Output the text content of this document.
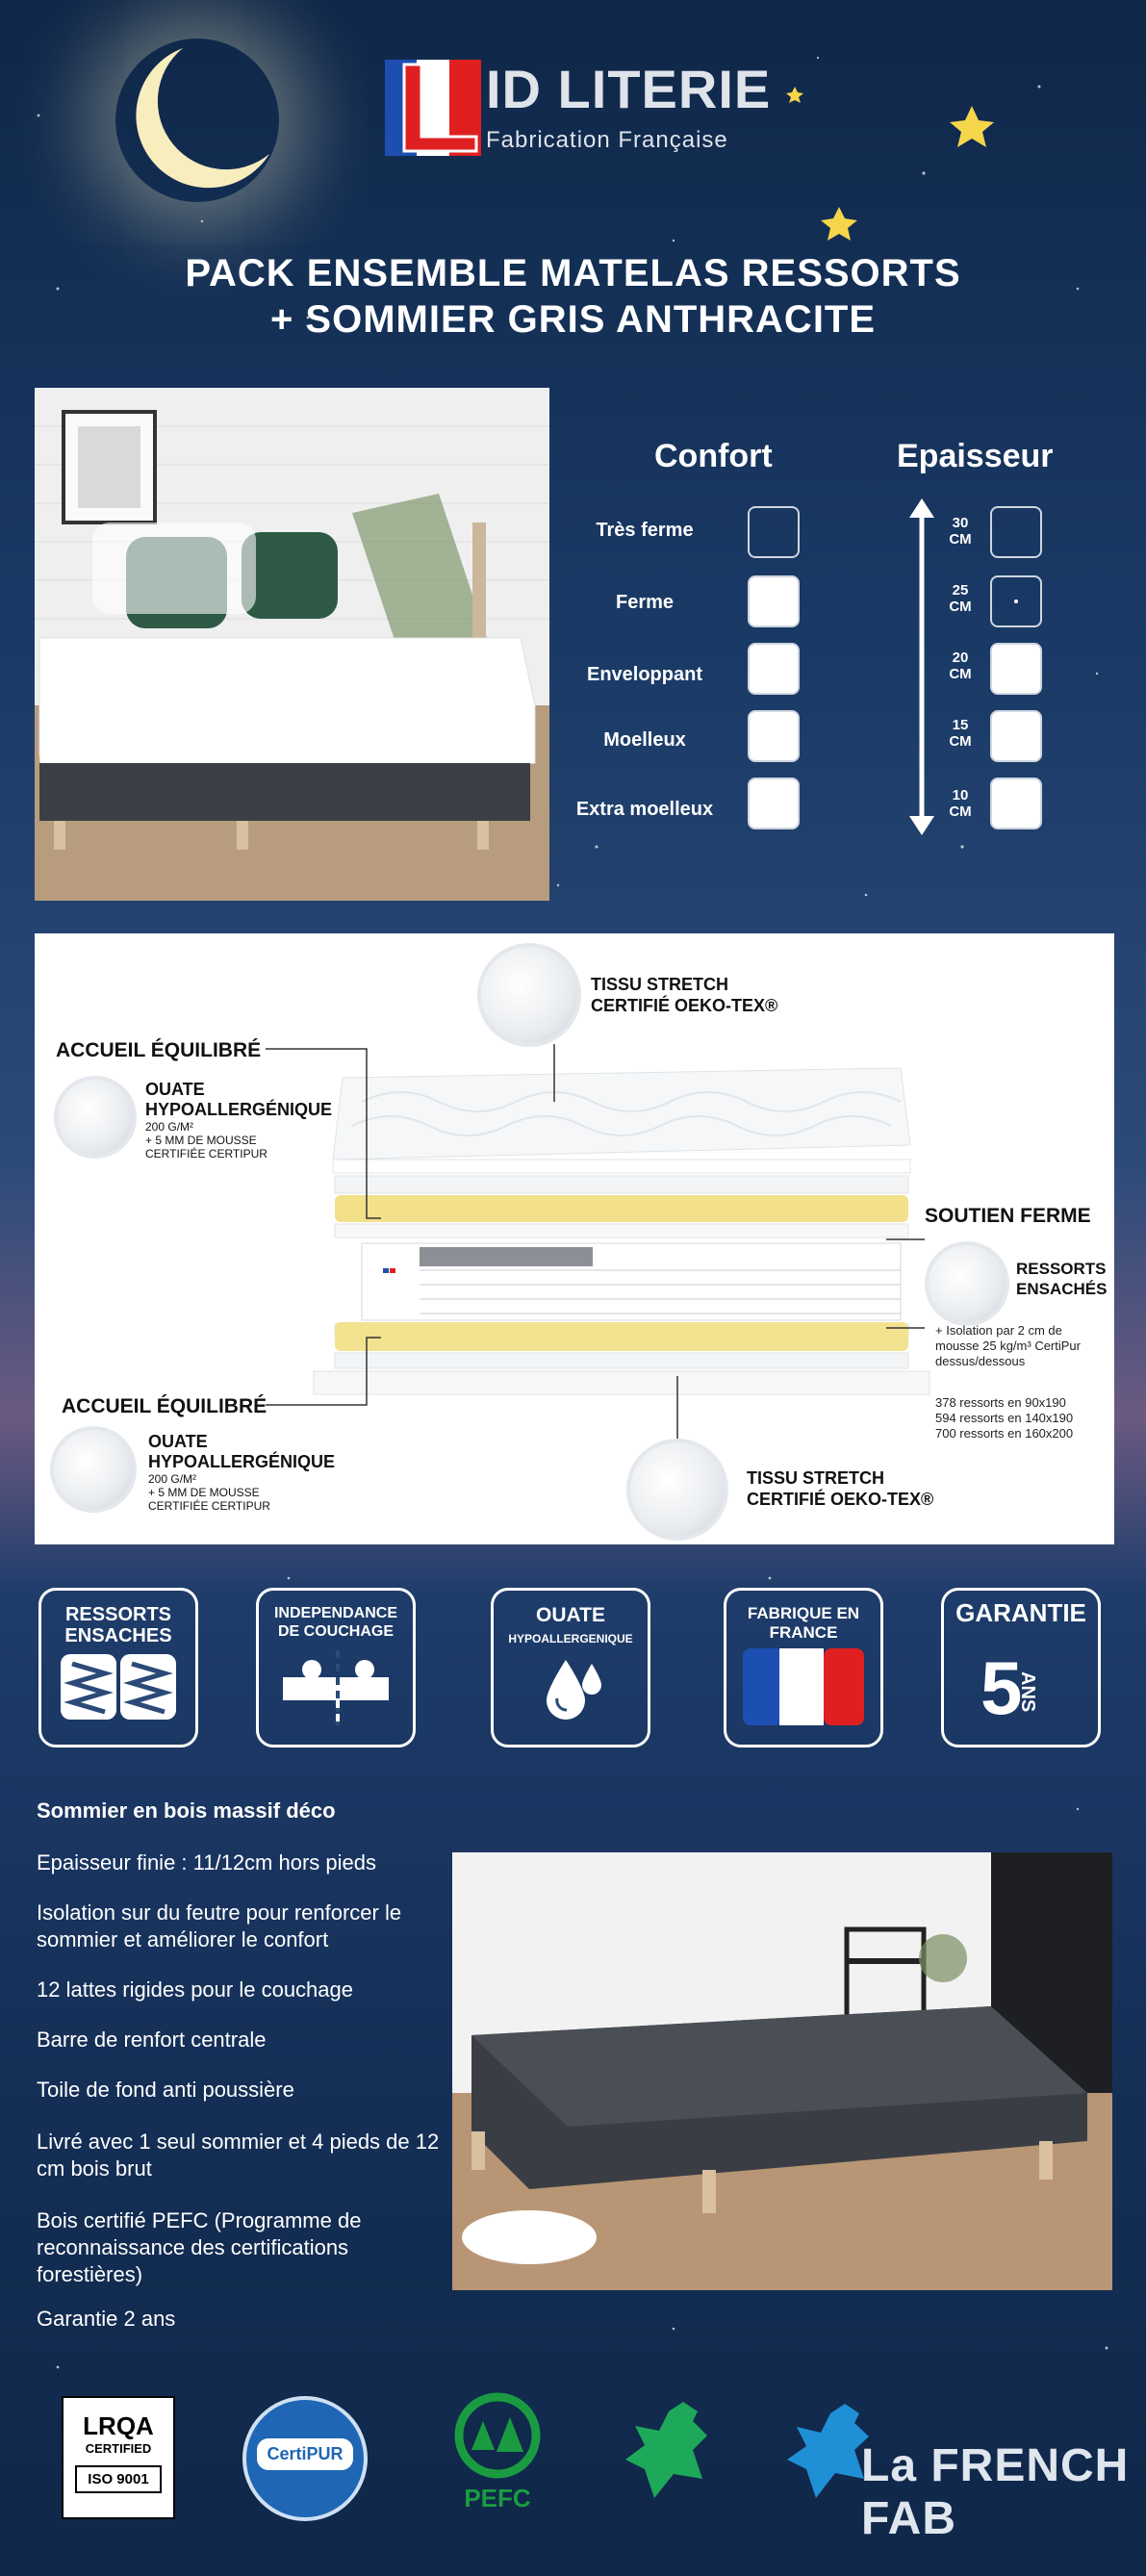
ID LITERIE
Fabrication Française
PACK ENSEMBLE MATELAS RESSORTS
+ SOMMIER GRIS ANTHRACITE
Confort	Epaisseur
Très ferme
Ferme
Enveloppant
Moelleux
Extra moelleux
30 CM
25 CM
20 CM
15 CM
10 CM
TISSU STRETCH
CERTIFIÉ OEKO-TEX®
ACCUEIL ÉQUILIBRÉ
OUATE
HYPOALLERGÉNIQUE
200 G/M²
+ 5 MM DE MOUSSE
CERTIFIÉE CERTIPUR
SOUTIEN FERME
RESSORTS
ENSACHÉS
+ Isolation par 2 cm de
mousse 25 kg/m³ CertiPur
dessus/dessous
378 ressorts en 90x190
594 ressorts en 140x190
700 ressorts en 160x200
ACCUEIL ÉQUILIBRÉ
OUATE
HYPOALLERGÉNIQUE
200 G/M²
+ 5 MM DE MOUSSE
CERTIFIÉE CERTIPUR
TISSU STRETCH
CERTIFIÉ OEKO-TEX®
RESSORTS
ENSACHES
INDEPENDANCE
DE COUCHAGE
OUATE
HYPOALLERGENIQUE
FABRIQUE EN
FRANCE
GARANTIE
5
ANS
Sommier en bois massif déco
Epaisseur finie : 11/12cm hors pieds
Isolation sur du feutre pour renforcer le sommier et améliorer le confort
12 lattes rigides pour le couchage
Barre de renfort centrale
Toile de fond anti poussière
Livré avec 1 seul sommier et 4 pieds de 12 cm bois brut
Bois certifié PEFC (Programme de reconnaissance des certifications forestières)
Garantie 2 ans
LRQA
CERTIFIED
ISO 9001
CertiPUR
PEFC
La FRENCH FAB
